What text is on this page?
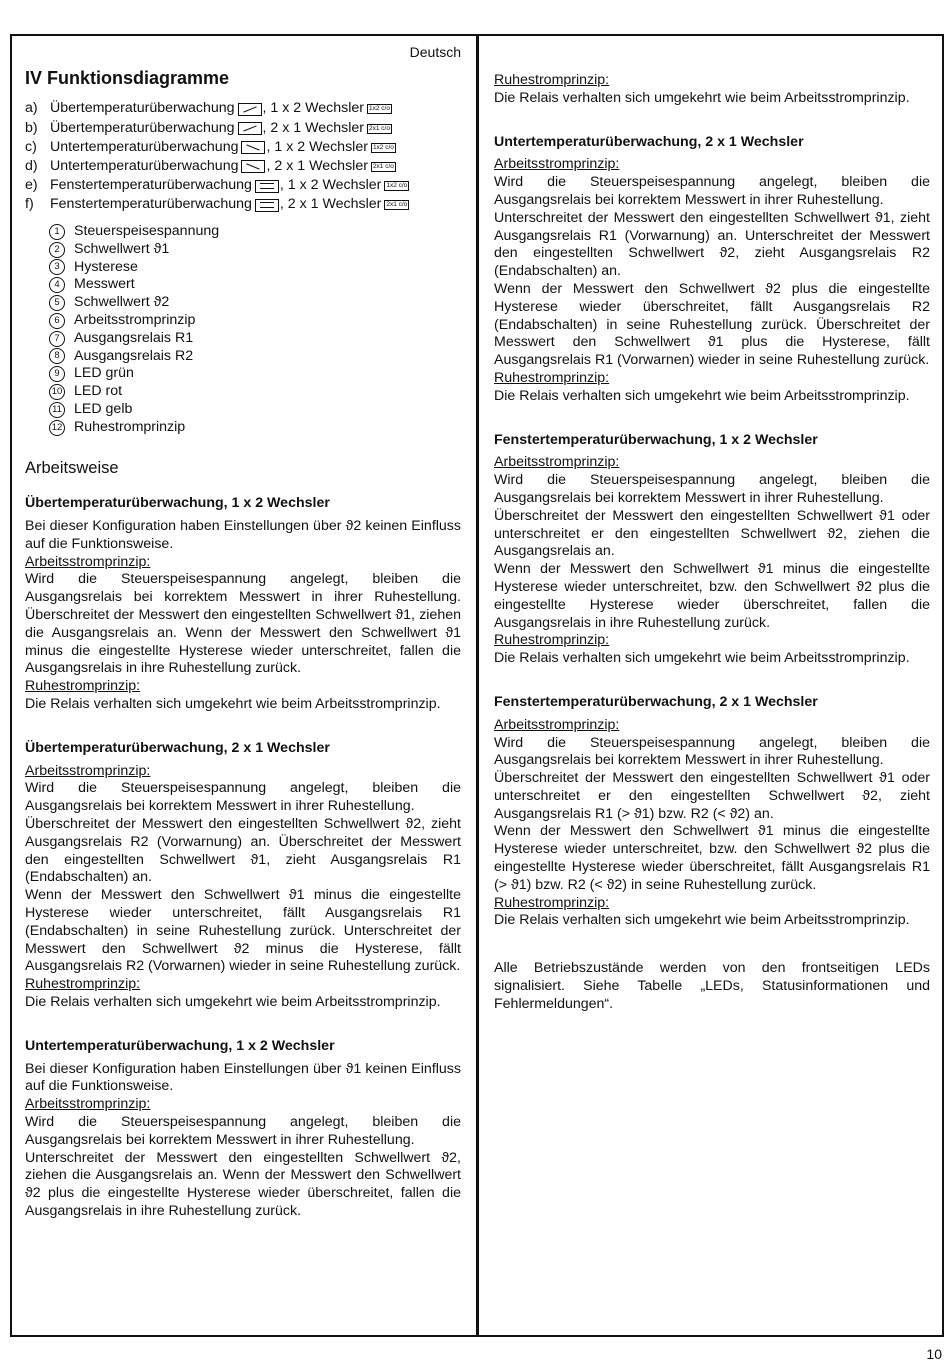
Deutsch
IV Funktionsdiagramme
a) Übertemperaturüberwachung , 1 x 2 Wechsler 1x2 c/o
b) Übertemperaturüberwachung , 2 x 1 Wechsler 2x1 c/o
c) Untertemperaturüberwachung , 1 x 2 Wechsler 1x2 c/o
d) Untertemperaturüberwachung , 2 x 1 Wechsler 2x1 c/o
e) Fenstertemperaturüberwachung , 1 x 2 Wechsler 1x2 c/o
f)	Fenstertemperaturüberwachung , 2 x 1 Wechsler 2x1 c/o
1	Steuerspeisespannung
2	Schwellwert ϑ1
3	Hysterese
4	Messwert
5	Schwellwert ϑ2
6	Arbeitsstromprinzip
7	Ausgangsrelais R1
8	Ausgangsrelais R2
9	LED grün
10 LED rot
11 LED gelb
12 Ruhestromprinzip
Arbeitsweise
Übertemperaturüberwachung, 1 x 2 Wechsler

Bei dieser Konfiguration haben Einstellungen über ϑ2 keinen Einfluss auf die Funktionsweise.

Arbeitsstromprinzip:

Wird die Steuerspeisespannung angelegt, bleiben die Ausgangsrelais bei korrektem Messwert in ihrer Ruhestellung. Überschreitet der Messwert den eingestellten Schwellwert ϑ1, ziehen die Ausgangsrelais an. Wenn der Messwert den Schwellwert ϑ1 minus die eingestellte Hysterese wieder unterschreitet, fallen die Ausgangsrelais in ihre Ruhestellung zurück.

Ruhestromprinzip:

Die Relais verhalten sich umgekehrt wie beim Arbeitsstromprinzip.

Übertemperaturüberwachung, 2 x 1 Wechsler

Arbeitsstromprinzip:

Wird die Steuerspeisespannung angelegt, bleiben die Ausgangsrelais bei korrektem Messwert in ihrer Ruhestellung.

Überschreitet der Messwert den eingestellten Schwellwert ϑ2, zieht Ausgangsrelais R2 (Vorwarnung) an. Überschreitet der Messwert den eingestellten Schwellwert ϑ1, zieht Ausgangsrelais R1 (Endabschalten) an.

Wenn der Messwert den Schwellwert ϑ1 minus die eingestellte Hysterese wieder unterschreitet, fällt Ausgangsrelais R1 (Endabschalten) in seine Ruhestellung zurück. Unterschreitet der Messwert den Schwellwert ϑ2 minus die Hysterese, fällt Ausgangsrelais R2 (Vorwarnen) wieder in seine Ruhestellung zurück.

Ruhestromprinzip:

Die Relais verhalten sich umgekehrt wie beim Arbeitsstromprinzip.

Untertemperaturüberwachung, 1 x 2 Wechsler

Bei dieser Konfiguration haben Einstellungen über ϑ1 keinen Einfluss auf die Funktionsweise.

Arbeitsstromprinzip:

Wird die Steuerspeisespannung angelegt, bleiben die Ausgangsrelais bei korrektem Messwert in ihrer Ruhestellung.

Unterschreitet der Messwert den eingestellten Schwellwert ϑ2, ziehen die Ausgangsrelais an. Wenn der Messwert den Schwellwert ϑ2 plus die eingestellte Hysterese wieder überschreitet, fallen die Ausgangsrelais in ihre Ruhestellung zurück.

Ruhestromprinzip:

Die Relais verhalten sich umgekehrt wie beim Arbeitsstromprinzip.

Untertemperaturüberwachung, 2 x 1 Wechsler

Arbeitsstromprinzip:

Wird die Steuerspeisespannung angelegt, bleiben die Ausgangsrelais bei korrektem Messwert in ihrer Ruhestellung.

Unterschreitet der Messwert den eingestellten Schwellwert ϑ1, zieht Ausgangsrelais R1 (Vorwarnung) an. Unterschreitet der Messwert den eingestellten Schwellwert ϑ2, zieht Ausgangsrelais R2 (Endabschalten) an.

Wenn der Messwert den Schwellwert ϑ2 plus die eingestellte Hysterese wieder überschreitet, fällt Ausgangsrelais R2 (Endabschalten) in seine Ruhestellung zurück. Überschreitet der Messwert den Schwellwert ϑ1 plus die Hysterese, fällt Ausgangsrelais R1 (Vorwarnen) wieder in seine Ruhestellung zurück.

Ruhestromprinzip:

Die Relais verhalten sich umgekehrt wie beim Arbeitsstromprinzip.

Fenstertemperaturüberwachung, 1 x 2 Wechsler

Arbeitsstromprinzip:

Wird die Steuerspeisespannung angelegt, bleiben die Ausgangsrelais bei korrektem Messwert in ihrer Ruhestellung.

Überschreitet der Messwert den eingestellten Schwellwert ϑ1 oder unterschreitet er den eingestellten Schwellwert ϑ2, ziehen die Ausgangsrelais an.

Wenn der Messwert den Schwellwert ϑ1 minus die eingestellte Hysterese wieder unterschreitet, bzw. den Schwellwert ϑ2 plus die eingestellte Hysterese wieder überschreitet, fallen die Ausgangsrelais in ihre Ruhestellung zurück.

Ruhestromprinzip:

Die Relais verhalten sich umgekehrt wie beim Arbeitsstromprinzip.

Fenstertemperaturüberwachung, 2 x 1 Wechsler

Arbeitsstromprinzip:

Wird die Steuerspeisespannung angelegt, bleiben die Ausgangsrelais bei korrektem Messwert in ihrer Ruhestellung.

Überschreitet der Messwert den eingestellten Schwellwert ϑ1 oder unterschreitet er den eingestellten Schwellwert ϑ2, zieht Ausgangsrelais R1 (> ϑ1) bzw. R2 (< ϑ2) an.

Wenn der Messwert den Schwellwert ϑ1 minus die eingestellte Hysterese wieder unterschreitet, bzw. den Schwellwert ϑ2 plus die eingestellte Hysterese wieder überschreitet, fällt Ausgangsrelais R1 (> ϑ1) bzw. R2 (< ϑ2) in seine Ruhestellung zurück.

Ruhestromprinzip:

Die Relais verhalten sich umgekehrt wie beim Arbeitsstromprinzip.

Alle Betriebszustände werden von den frontseitigen LEDs signalisiert. Siehe Tabelle „LEDs, Statusinformationen und Fehlermeldungen“.

10
